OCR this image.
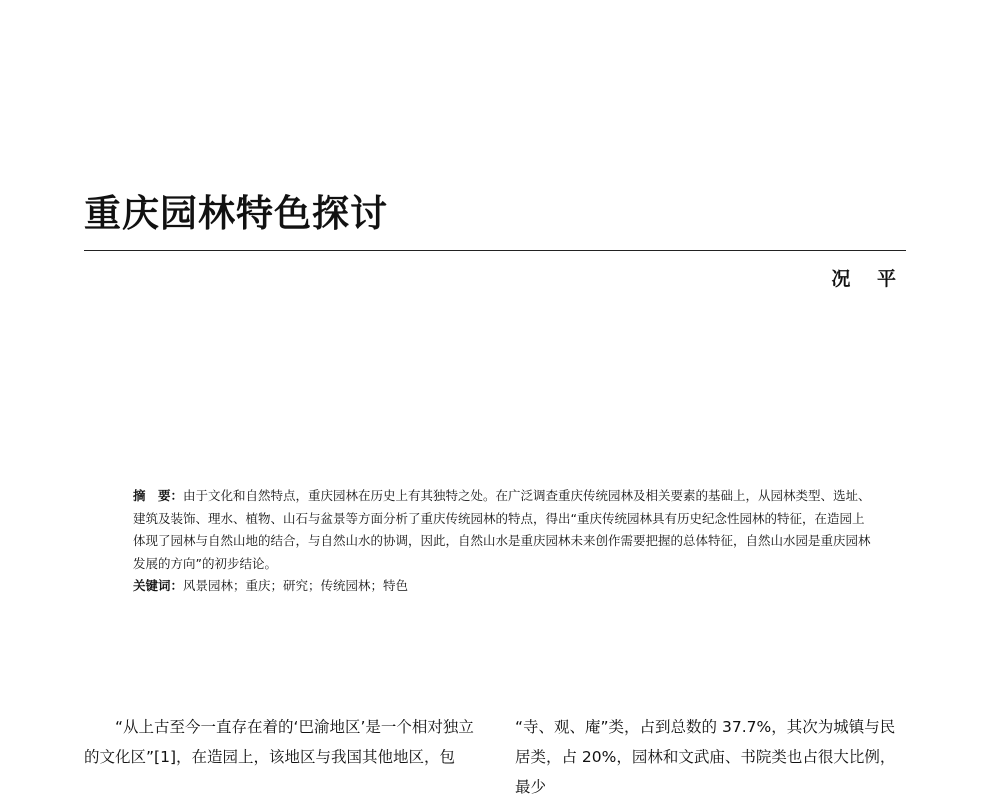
重庆园林特色探讨
况 平

摘　要：由于文化和自然特点，重庆园林在历史上有其独特之处。在广泛调查重庆传统园林及相关要素的基础上，从园林类型、选址、建筑及装饰、理水、植物、山石与盆景等方面分析了重庆传统园林的特点，得出“重庆传统园林具有历史纪念性园林的特征，在造园上体现了园林与自然山地的结合，与自然山水的协调，因此，自然山水是重庆园林未来创作需要把握的总体特征，自然山水园是重庆园林发展的方向”的初步结论。

关键词：风景园林；重庆；研究；传统园林；特色

“从上古至今一直存在着的‘巴渝地区’是一个相对独立的文化区”[1]，在造园上，该地区与我国其他地区，包

“寺、观、庵”类，占到总数的 37.7%，其次为城镇与民居类，占 20%，园林和文武庙、书院类也占很大比例，最少
